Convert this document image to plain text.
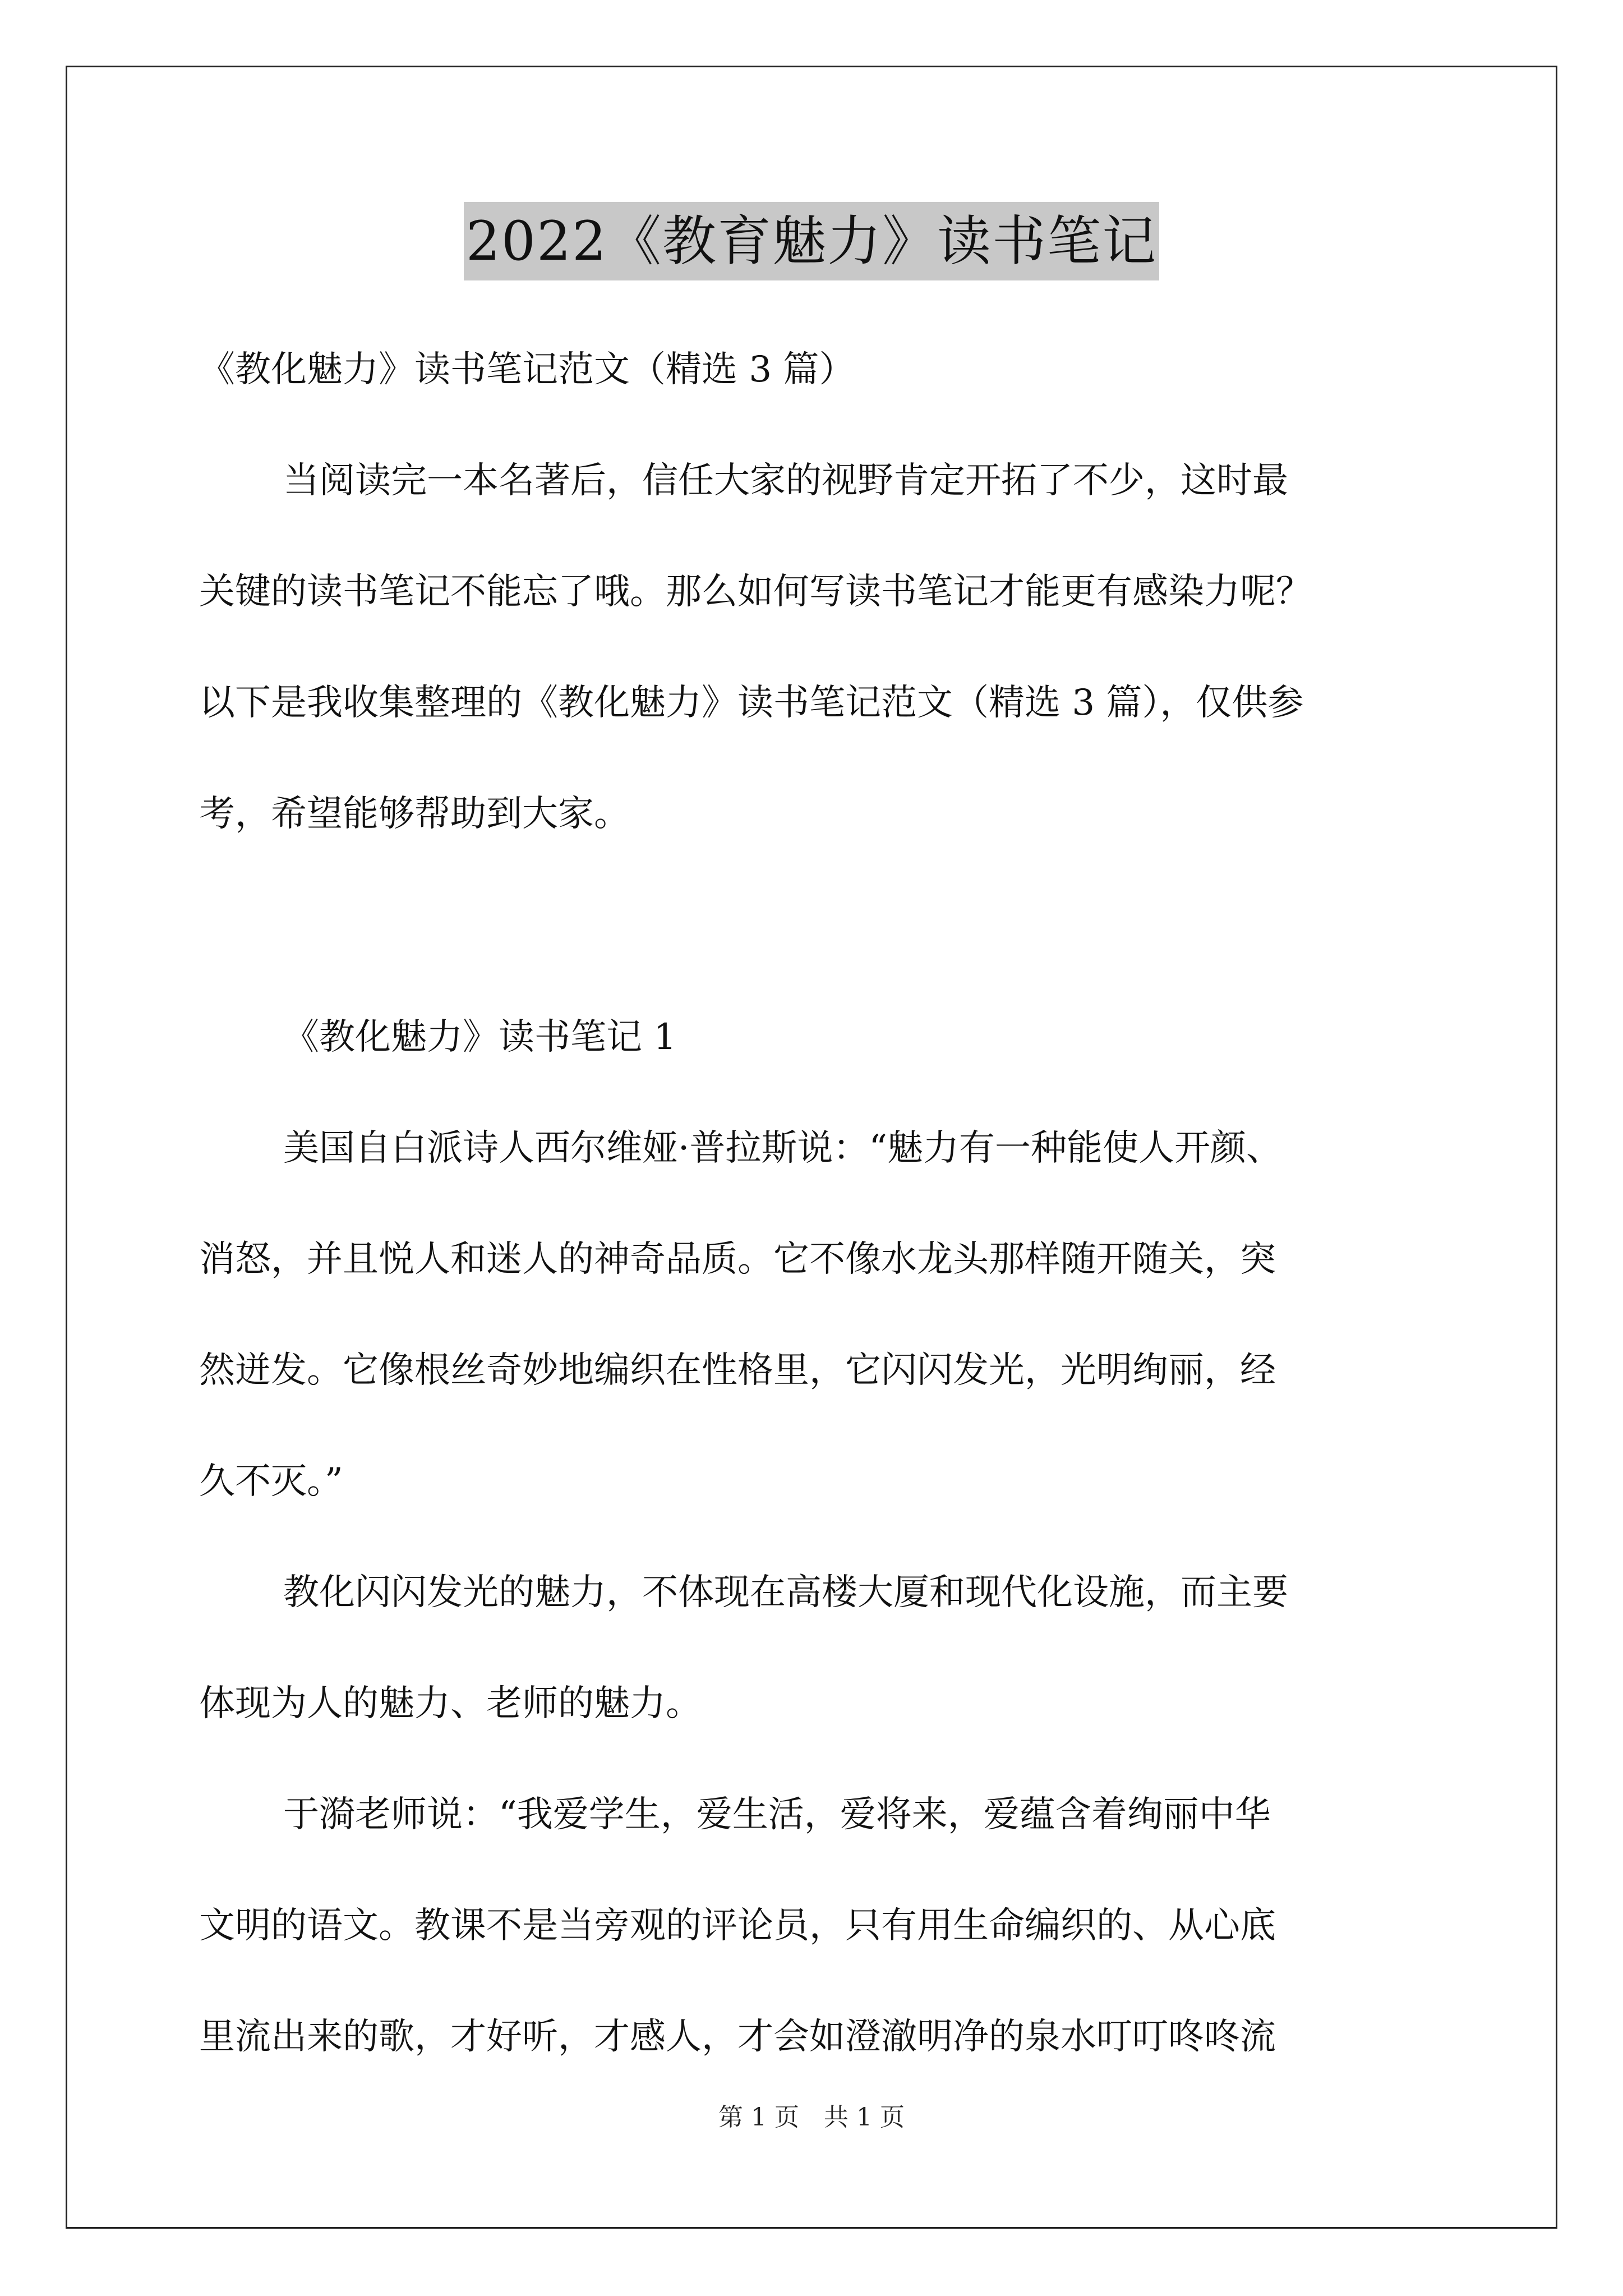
2022《教育魅力》读书笔记

《教化魅力》读书笔记范文（精选 3 篇）

当阅读完一本名著后，信任大家的视野肯定开拓了不少，这时最

关键的读书笔记不能忘了哦。那么如何写读书笔记才能更有感染力呢？

以下是我收集整理的《教化魅力》读书笔记范文（精选 3 篇），仅供参

考，希望能够帮助到大家。

《教化魅力》读书笔记 1

美国自白派诗人西尔维娅·普拉斯说：“魅力有一种能使人开颜、

消怒，并且悦人和迷人的神奇品质。它不像水龙头那样随开随关，突

然迸发。它像根丝奇妙地编织在性格里，它闪闪发光，光明绚丽，经

久不灭。”

教化闪闪发光的魅力，不体现在高楼大厦和现代化设施，而主要

体现为人的魅力、老师的魅力。

于漪老师说：“我爱学生，爱生活，爱将来，爱蕴含着绚丽中华

文明的语文。教课不是当旁观的评论员，只有用生命编织的、从心底

里流出来的歌，才好听，才感人，才会如澄澈明净的泉水叮叮咚咚流

第 1 页　共 1 页
